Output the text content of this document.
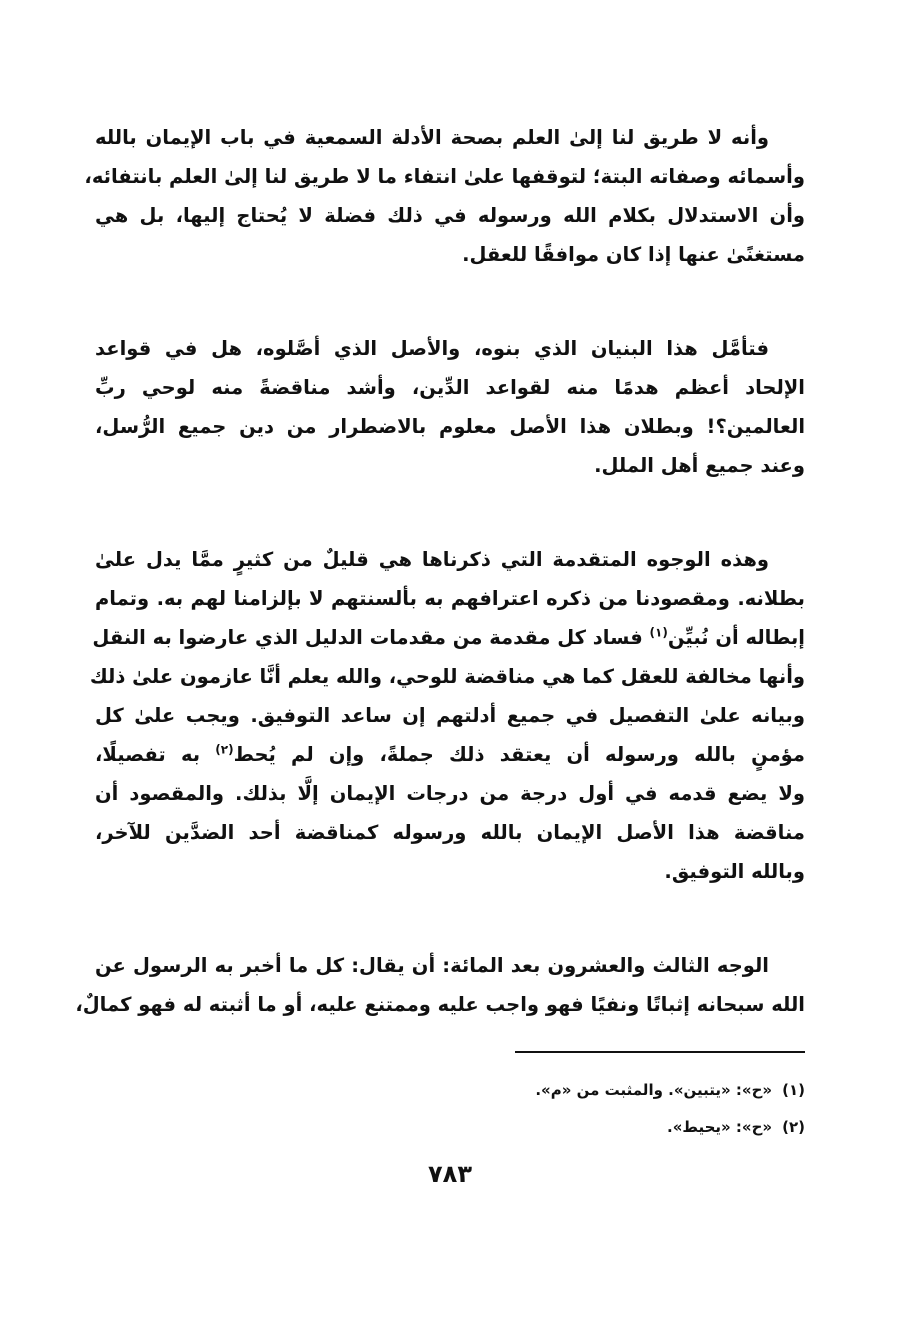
وأنه لا طريق لنا إلىٰ العلم بصحة الأدلة السمعية في باب الإيمان بالله
وأسمائه وصفاته البتة؛ لتوقفها علىٰ انتفاء ما لا طريق لنا إلىٰ العلم بانتفائه،
وأن الاستدلال بكلام الله ورسوله في ذلك فضلة لا يُحتاج إليها، بل هي
مستغنًىٰ عنها إذا كان موافقًا للعقل.
فتأمَّل هذا البنيان الذي بنوه، والأصل الذي أصَّلوه، هل في قواعد
الإلحاد أعظم هدمًا منه لقواعد الدِّين، وأشد مناقضةً منه لوحي ربِّ
العالمين؟! وبطلان هذا الأصل معلوم بالاضطرار من دين جميع الرُّسل،
وعند جميع أهل الملل.
وهذه الوجوه المتقدمة التي ذكرناها هي قليلٌ من كثيرٍ ممَّا يدل علىٰ
بطلانه. ومقصودنا من ذكره اعترافهم به بألسنتهم لا بإلزامنا لهم به. وتمام
إبطاله أن نُبيِّن$^{(١)}$ فساد كل مقدمة من مقدمات الدليل الذي عارضوا به النقل
وأنها مخالفة للعقل كما هي مناقضة للوحي، والله يعلم أنَّا عازمون علىٰ ذلك
وبيانه علىٰ التفصيل في جميع أدلتهم إن ساعد التوفيق. ويجب علىٰ كل
مؤمنٍ بالله ورسوله أن يعتقد ذلك جملةً، وإن لم يُحط$^{(٢)}$ به تفصيلًا،
ولا يضع قدمه في أول درجة من درجات الإيمان إلَّا بذلك. والمقصود أن
مناقضة هذا الأصل الإيمان بالله ورسوله كمناقضة أحد الضدَّين للآخر،
وبالله التوفيق.
الوجه الثالث والعشرون بعد المائة: أن يقال: كل ما أخبر به الرسول عن
الله سبحانه إثباتًا ونفيًا فهو واجب عليه وممتنع عليه، أو ما أثبته له فهو كمالٌ،
(١)«ح»: «يتبين». والمثبت من «م».
(٢)«ح»: «يحيط».
٧٨٣
